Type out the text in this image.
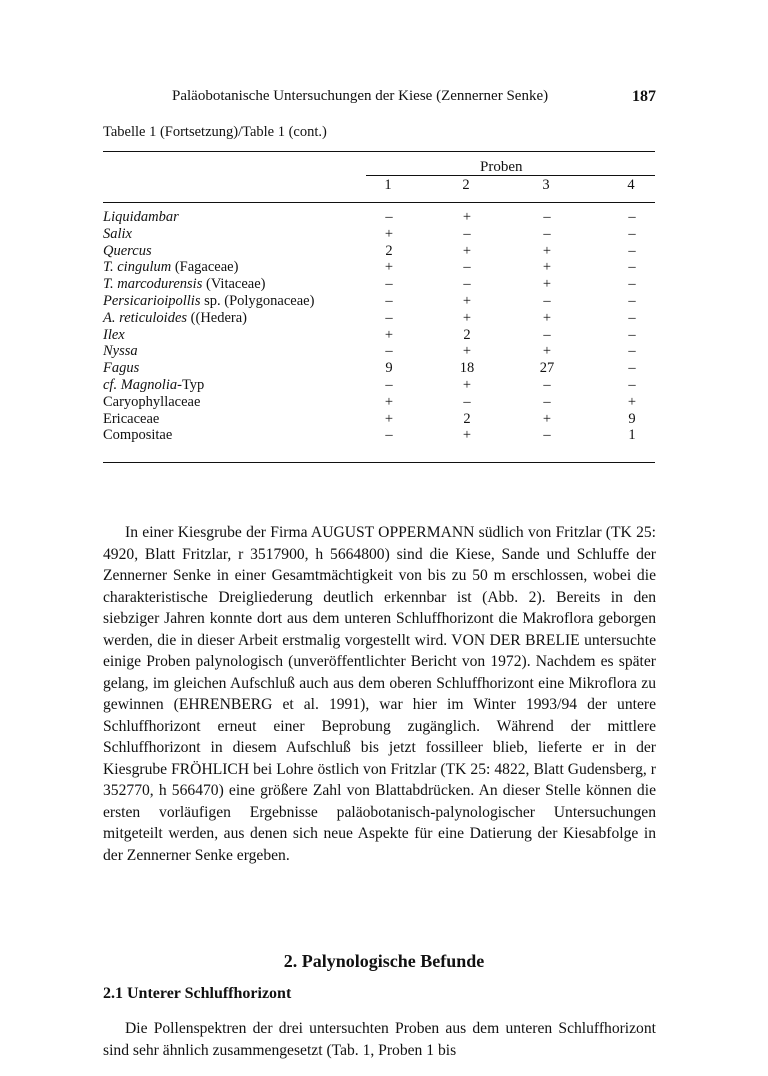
Paläobotanische Untersuchungen der Kiese (Zennerner Senke)	187
Tabelle 1 (Fortsetzung)/Table 1 (cont.)
Proben
1	2	3	4
Liquidambar	–	+	–	–
Salix	+	–	–	–
Quercus	2	+	+	–
T. cingulum (Fagaceae)	+	–	+	–
T. marcodurensis (Vitaceae)	–	–	+	–
Persicarioipollis sp. (Polygonaceae)	–	+	–	–
A. reticuloides ((Hedera)	–	+	+	–
Ilex	+	2	–	–
Nyssa	–	+	+	–
Fagus	9	18	27	–
cf. Magnolia-Typ	–	+	–	–
Caryophyllaceae	+	–	–	+
Ericaceae	+	2	+	9
Compositae	–	+	–	1

In einer Kiesgrube der Firma AUGUST OPPERMANN südlich von Fritzlar (TK 25: 4920, Blatt Fritzlar, r 3517900, h 5664800) sind die Kiese, Sande und Schluffe der Zennerner Senke in einer Gesamtmächtigkeit von bis zu 50 m erschlossen, wobei die charakteristische Dreigliederung deutlich erkennbar ist (Abb. 2). Bereits in den siebziger Jahren konnte dort aus dem unteren Schluffhorizont die Makroflora geborgen werden, die in dieser Arbeit erstmalig vorgestellt wird. VON DER BRELIE untersuchte einige Proben palynologisch (unveröffentlichter Bericht von 1972). Nachdem es später gelang, im gleichen Aufschluß auch aus dem oberen Schluffhorizont eine Mikroflora zu gewinnen (EHRENBERG et al. 1991), war hier im Winter 1993/94 der untere Schluffhorizont erneut einer Beprobung zugänglich. Während der mittlere Schluffhorizont in diesem Aufschluß bis jetzt fossilleer blieb, lieferte er in der Kiesgrube FRÖHLICH bei Lohre östlich von Fritzlar (TK 25: 4822, Blatt Gudensberg, r 352770, h 566470) eine größere Zahl von Blattabdrücken. An dieser Stelle können die ersten vorläufigen Ergebnisse paläobotanisch-palynologischer Untersuchungen mitgeteilt werden, aus denen sich neue Aspekte für eine Datierung der Kiesabfolge in der Zennerner Senke ergeben.

2. Palynologische Befunde
2.1 Unterer Schluffhorizont

Die Pollenspektren der drei untersuchten Proben aus dem unteren Schluffhorizont sind sehr ähnlich zusammengesetzt (Tab. 1, Proben 1 bis
